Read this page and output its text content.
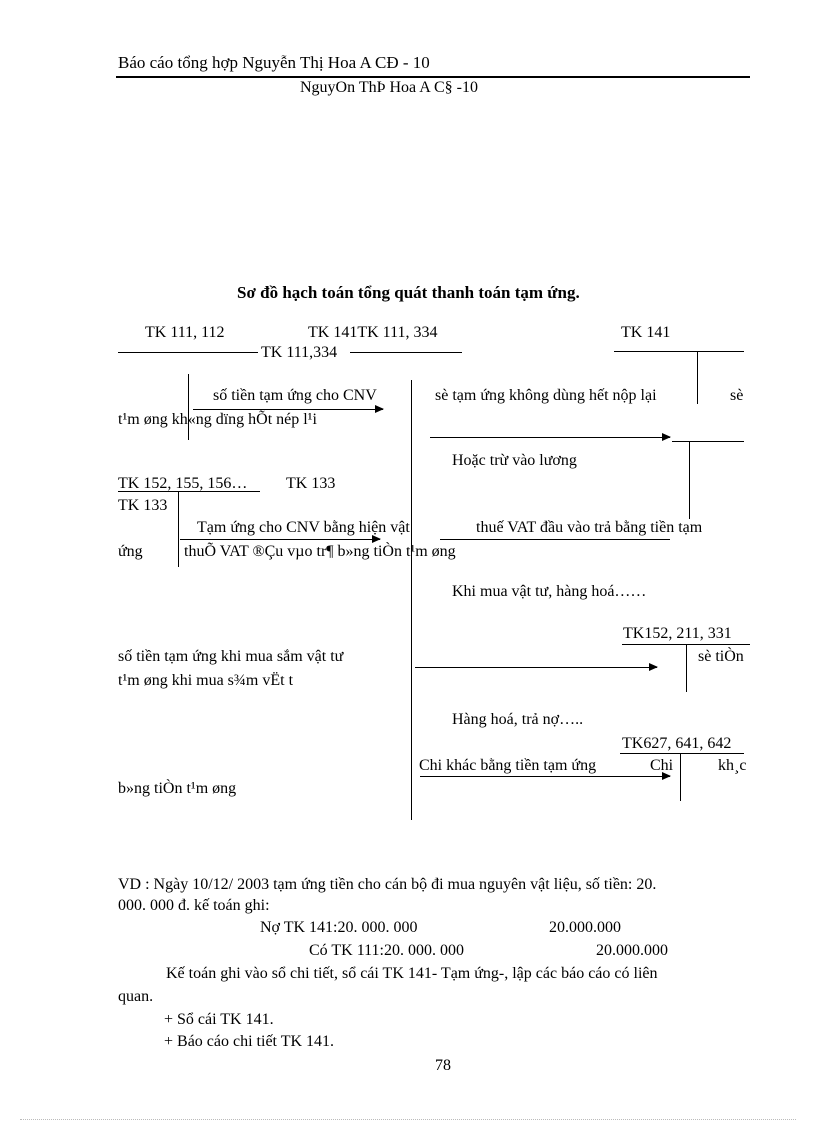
Báo cáo tổng hợp Nguyễn Thị Hoa A CĐ - 10
NguyOn ThÞ Hoa A C§ -10
Sơ đồ hạch toán tổng quát thanh toán tạm ứng.
TK 111, 112	TK 141TK 111, 334	TK 141
TK 111,334
số tiền tạm ứng cho CNV	sè tạm ứng không dùng hết nộp lại	sè
t¹m øng kh«ng dïng hÕt nép l¹i
Hoặc trừ vào lương
TK 152, 155, 156… TK 133
TK 133
Tạm ứng cho CNV bằng hiện vật	thuế VAT đầu vào trả bằng tiền tạm
ứng	thuÕ VAT ®Çu vµo tr¶ b»ng tiÒn t¹m øng
Khi mua vật tư, hàng hoá……
TK152, 211, 331
số tiền tạm ứng khi mua sắm vật tư	sè tiÒn
t¹m øng khi mua s¾m vËt t
Hàng hoá, trả nợ…..
TK627, 641, 642
Chi khác bằng tiền tạm ứng	Chi	kh¸c
b»ng tiÒn t¹m øng
VD : Ngày 10/12/ 2003 tạm ứng tiền cho cán bộ đi mua nguyên vật liệu, số tiền: 20.
000. 000 đ. kế toán ghi:
Nợ TK 141:20. 000. 000	20.000.000
Có TK 111:20. 000. 000	20.000.000
Kế toán ghi vào sổ chi tiết, sổ cái TK 141- Tạm ứng-, lập các báo cáo có liên
quan.
+ Sổ cái TK 141.
+ Báo cáo chi tiết TK 141.
78
